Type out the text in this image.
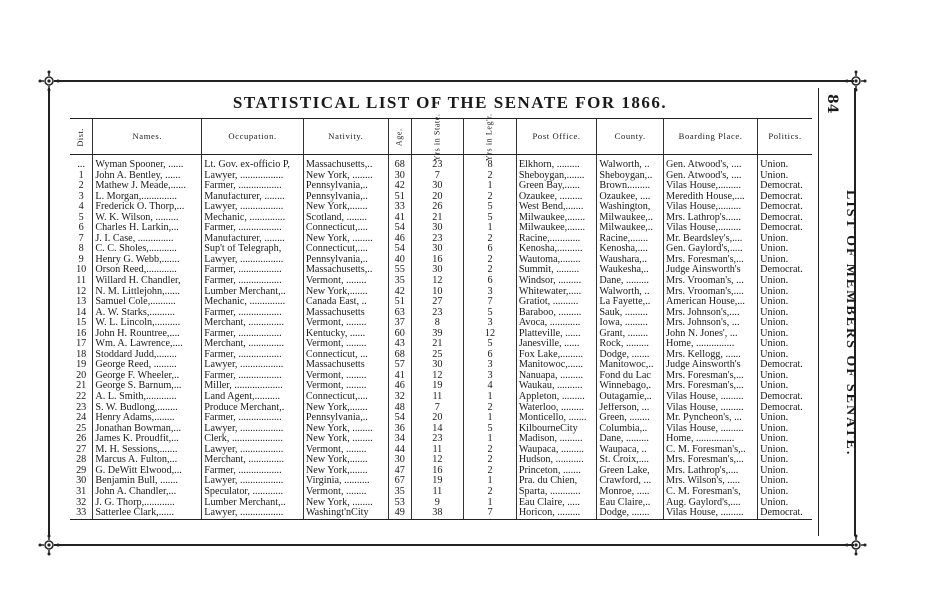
STATISTICAL LIST OF THE SENATE FOR 1866.	84
LIST OF MEMBERS OF SENATE.
Dist.	Names.	Occupation.	Nativity.	Age.	Yrs in State.	Yrs in Leg'r.	Post Office.	County.	Boarding Place.	Politics.
...	Wyman Spooner, ......	Lt. Gov. ex-officio P,	Massachusetts,..	68	23	8	Elkhorn, .........	Walworth, ..	Gen. Atwood's, ....	Union.
1	John A. Bentley, ......	Lawyer, .................	New York, ........	30	7	2	Sheboygan,.......	Sheboygan,..	Gen. Atwood's, ....	Union.
2	Mathew J. Meade,......	Farmer, .................	Pennsylvania,..	42	30	1	Green Bay,......	Brown.........	Vilas House,.........	Democrat.
3	L. Morgan,..............	Manufacturer, ........	Pennsylvania,..	51	20	2	Ozaukee, .........	Ozaukee, ....	Meredith House,....	Democrat.
4	Frederick O. Thorp,...	Lawyer, .................	New York,.......	33	26	5	West Bend,.......	Washington,	Vilas House,.........	Democrat.
5	W. K. Wilson, .........	Mechanic, ..............	Scotland, ........	41	21	5	Milwaukee,.......	Milwaukee,..	Mrs. Lathrop's......	Democrat.
6	Charles H. Larkin,...	Farmer, .................	Connecticut,....	54	30	1	Milwaukee,.......	Milwaukee,..	Vilas House,.........	Democrat.
7	J. I. Case, ..............	Manufacturer, ........	New York, ........	46	23	2	Racine,............	Racine,.......	Mr. Beardsley's,....	Union.
8	C. C. Sholes,...........	Sup't of Telegraph,	Connecticut,....	54	30	6	Kenosha,..........	Kenosha,....	Gen. Gaylord's,.....	Union.
9	Henry G. Webb,.......	Lawyer, .................	Pennsylvania,..	40	16	2	Wautoma,........	Waushara,..	Mrs. Foresman's,...	Union.
10	Orson Reed,............	Farmer, .................	Massachusetts,..	55	30	2	Summit, .........	Waukesha,..	Judge Ainsworth's	Democrat.
11	Willard H. Chandler,	Farmer, .................	Vermont, ........	35	12	6	Windsor, .........	Dane, .........	Mrs. Vrooman's, ...	Union.
12	N. M. Littlejohn,......	Lumber Merchant,..	New York,.......	42	10	3	Whitewater,.....	Walworth, ..	Mrs. Vrooman's,....	Union.
13	Samuel Cole,..........	Mechanic, ..............	Canada East, ..	51	27	7	Gratiot, ..........	La Fayette,..	American House,...	Union.
14	A. W. Starks,..........	Farmer, .................	Massachusetts	63	23	5	Baraboo, .........	Sauk, .........	Mrs. Johnson's,....	Union.
15	W. L. Lincoln,..........	Merchant, ..............	Vermont, ........	37	8	3	Avoca, ............	Iowa, .........	Mrs. Johnson's, ...	Union.
16	John H. Rountree,....	Farmer, .................	Kentucky, ......	60	39	12	Platteville, ......	Grant, ........	John N. Jones', ...	Union.
17	Wm. A. Lawrence,....	Merchant, ..............	Vermont, ........	43	21	5	Janesville, ......	Rock, .........	Home, ...............	Union.
18	Stoddard Judd,........	Farmer, .................	Connecticut, ...	68	25	6	Fox Lake,.........	Dodge, .......	Mrs. Kellogg, ......	Union.
19	George Reed, .........	Lawyer, .................	Massachusetts	57	30	3	Manitowoc,......	Manitowoc,..	Judge Ainsworth's	Democrat.
20	George F. Wheeler,..	Farmer, .................	Vermont, ........	41	12	3	Nanuapa, .........	Fond du Lac	Mrs. Foresman's,...	Union.
21	George S. Barnum,...	Miller, ...................	Vermont, ........	46	19	4	Waukau, ..........	Winnebago,.	Mrs. Foresman's,...	Union.
22	A. L. Smith,............	Land Agent,..........	Connecticut,....	32	11	1	Appleton, .........	Outagamie,..	Vilas House, .........	Democrat.
23	S. W. Budlong,........	Produce Merchant,.	New York,.......	48	7	2	Waterloo, .........	Jefferson, ...	Vilas House, .........	Democrat.
24	Henry Adams,........	Farmer, .................	Pennsylvania,..	54	20	1	Monticello, .......	Green, ........	Mr. Pyncheon's, ...	Union.
25	Jonathan Bowman,...	Lawyer, .................	New York, ........	36	14	5	KilbourneCity	Columbia,..	Vilas House, .........	Union.
26	James K. Proudfit,...	Clerk, ....................	New York, ........	34	23	1	Madison, .........	Dane, .........	Home, ...............	Union.
27	M. H. Sessions,.......	Lawyer, .................	Vermont, ........	44	11	2	Waupaca, .........	Waupaca, ..	C. M. Foresman's,..	Union.
28	Marcus A. Fulton,...	Merchant, ..............	New York,.......	30	12	2	Hudson, ...........	St. Croix,....	Mrs. Foresman's,...	Union.
29	G. DeWitt Elwood,...	Farmer, .................	New York,.......	47	16	2	Princeton, .......	Green Lake,	Mrs. Lathrop's,....	Union.
30	Benjamin Bull, .......	Lawyer, .................	Virginia, ..........	67	19	1	Pra. du Chien,	Crawford, ...	Mrs. Wilson's, .....	Union.
31	John A. Chandler,...	Speculator, ............	Vermont, ........	35	11	2	Sparta, ............	Monroe, .....	C. M. Foresman's,	Union.
32	J. G. Thorp,............	Lumber Merchant,..	New York, ........	53	9	1	Eau Claire, .....	Eau Claire,..	Aug. Gaylord's,....	Union.
33	Satterlee Clark,......	Lawyer, .................	Washingt'nCity	49	38	7	Horicon, .........	Dodge, .......	Vilas House, .........	Democrat.
